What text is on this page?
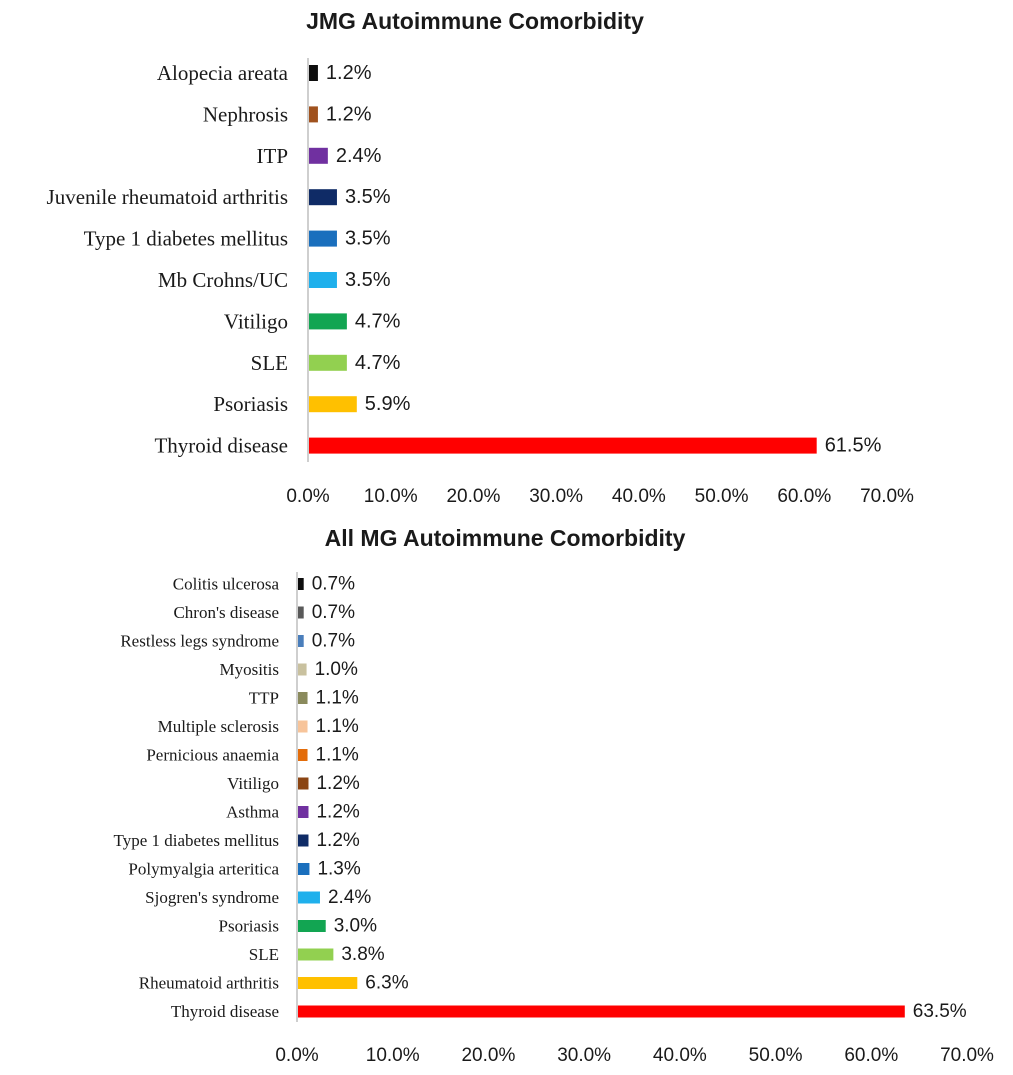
JMG Autoimmune Comorbidity
Alopecia areata 1.2%
Nephrosis 1.2%
ITP 2.4%
Juvenile rheumatoid arthritis	3.5%
Type 1 diabetes mellitus	3.5%
Mb Crohns/UC	3.5%
Vitiligo	4.7%
SLE	4.7%
Psoriasis	5.9%
Thyroid disease	61.5%
0.0% 10.0% 20.0% 30.0% 40.0% 50.0% 60.0% 70.0%
All MG Autoimmune Comorbidity
Colitis ulcerosa 0.7%
Chron's disease 0.7%
Restless legs syndrome 0.7%
Myositis 1.0%
TTP 1.1%
Multiple sclerosis 1.1%
Pernicious anaemia 1.1%
Vitiligo 1.2%
Asthma 1.2%
Type 1 diabetes mellitus 1.2%
Polymyalgia arteritica 1.3%
Sjogren's syndrome	2.4%
Psoriasis	3.0%
SLE	3.8%
Rheumatoid arthritis	6.3%
Thyroid disease	63.5%
0.0% 10.0% 20.0% 30.0% 40.0% 50.0% 60.0% 70.0%
